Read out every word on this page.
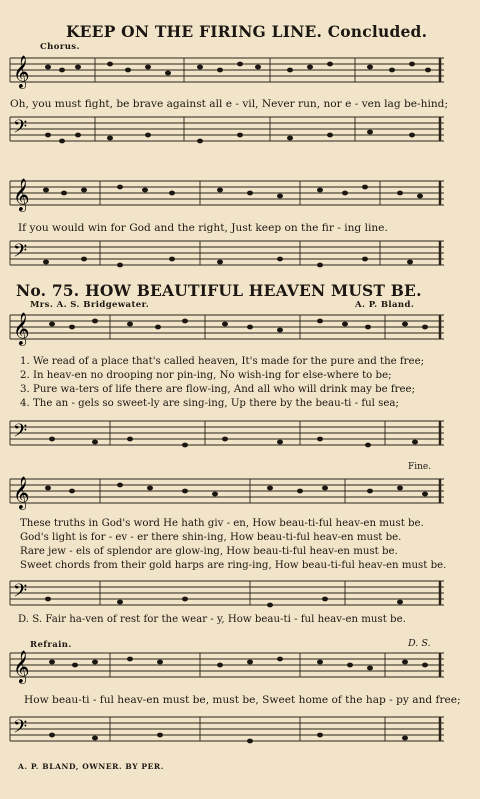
KEEP ON THE FIRING LINE. Concluded.

Chorus.

𝄞

Oh, you must fight, be brave against all e - vil, Never run, nor e - ven lag be-hind;

𝄢
𝄞

If you would win for God and the right, Just keep on the fir - ing line.

𝄢

No. 75. HOW BEAUTIFUL HEAVEN MUST BE.

Mrs. A. S. Bridgewater.	A. P. Bland.

𝄞

1. We read of a place that's called heaven, It's made for the pure and the free;

2. In heav-en no drooping nor pin-ing, No wish-ing for else-where to be;

3. Pure wa-ters of life there are flow-ing, And all who will drink may be free;

4. The an - gels so sweet-ly are sing-ing, Up there by the beau-ti - ful sea;

𝄢

Fine.

𝄞

These truths in God's word He hath giv - en, How beau-ti-ful heav-en must be.

God's light is for - ev - er there shin-ing, How beau-ti-ful heav-en must be.

Rare jew - els of splendor are glow-ing, How beau-ti-ful heav-en must be.

Sweet chords from their gold harps are ring-ing, How beau-ti-ful heav-en must be.

𝄢

D. S. Fair ha-ven of rest for the wear - y, How beau-ti - ful heav-en must be.

Refrain.	D. S.

𝄞

How beau-ti - ful heav-en must be, must be, Sweet home of the hap - py and free;

𝄢

A. P. BLAND, OWNER. BY PER.
